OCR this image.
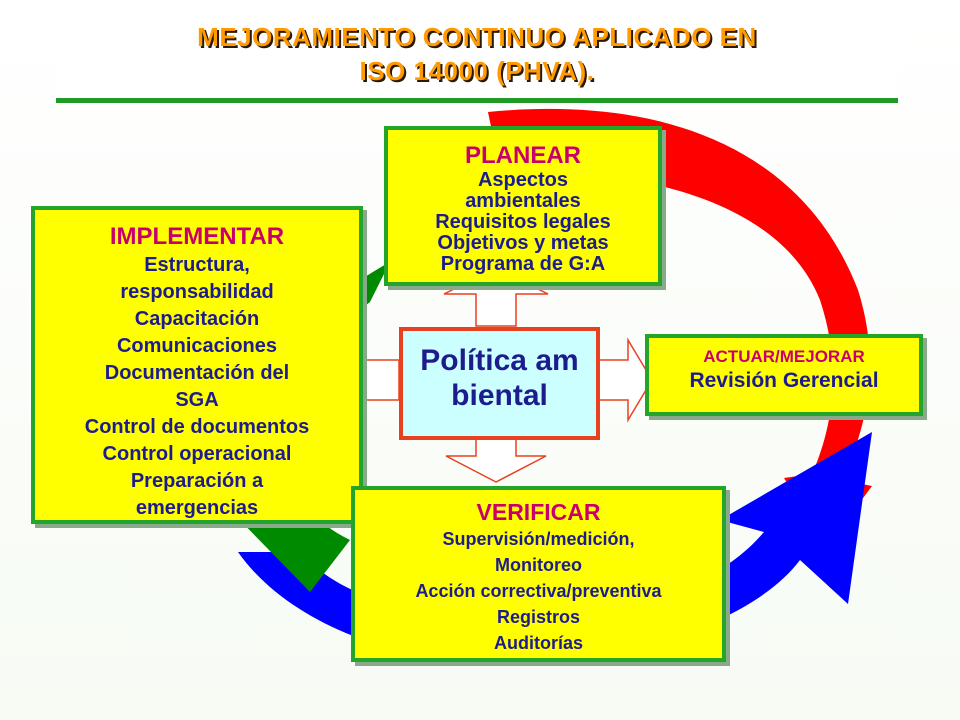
MEJORAMIENTO CONTINUO APLICADO EN
ISO 14000 (PHVA).
PLANEAR
Aspectos
ambientales
Requisitos legales
Objetivos y metas
Programa de G:A
IMPLEMENTAR
Estructura,
responsabilidad
Capacitación
Comunicaciones
Documentación del
SGA
Control de documentos
Control operacional
Preparación a
emergencias
ACTUAR/MEJORAR
Revisión Gerencial
VERIFICAR
Supervisión/medición,
Monitoreo
Acción correctiva/preventiva
Registros
Auditorías
Política ambiental
